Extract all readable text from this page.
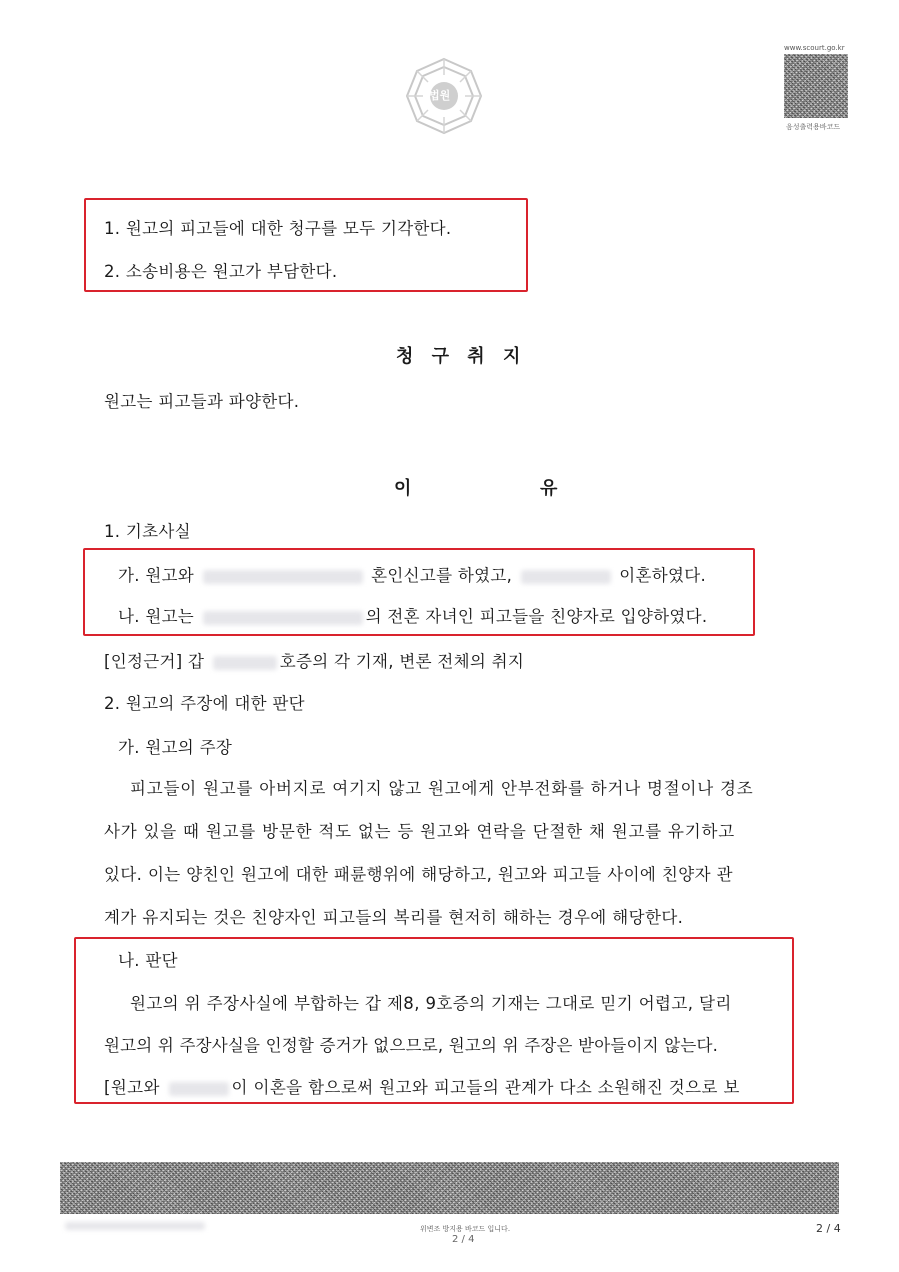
법원
www.scourt.go.kr
음성출력용바코드
1. 원고의 피고들에 대한 청구를 모두 기각한다.
2. 소송비용은 원고가 부담한다.
청 구 취 지
원고는 피고들과 파양한다.
이          유
1. 기초사실
가. 원고와	혼인신고를 하였고,	이혼하였다.
나. 원고는	의 전혼 자녀인 피고들을 친양자로 입양하였다.
[인정근거] 갑	호증의 각 기재, 변론 전체의 취지
2. 원고의 주장에 대한 판단
가. 원고의 주장
피고들이 원고를 아버지로 여기지 않고 원고에게 안부전화를 하거나 명절이나 경조
사가 있을 때 원고를 방문한 적도 없는 등 원고와 연락을 단절한 채 원고를 유기하고
있다. 이는 양친인 원고에 대한 패륜행위에 해당하고, 원고와 피고들 사이에 친양자 관
계가 유지되는 것은 친양자인 피고들의 복리를 현저히 해하는 경우에 해당한다.
나. 판단
원고의 위 주장사실에 부합하는 갑 제8, 9호증의 기재는 그대로 믿기 어렵고, 달리
원고의 위 주장사실을 인정할 증거가 없으므로, 원고의 위 주장은 받아들이지 않는다.
[원고와	이 이혼을 함으로써 원고와 피고들의 관계가 다소 소원해진 것으로 보
위변조 방지용 바코드 입니다.
2 / 4
2 / 4
